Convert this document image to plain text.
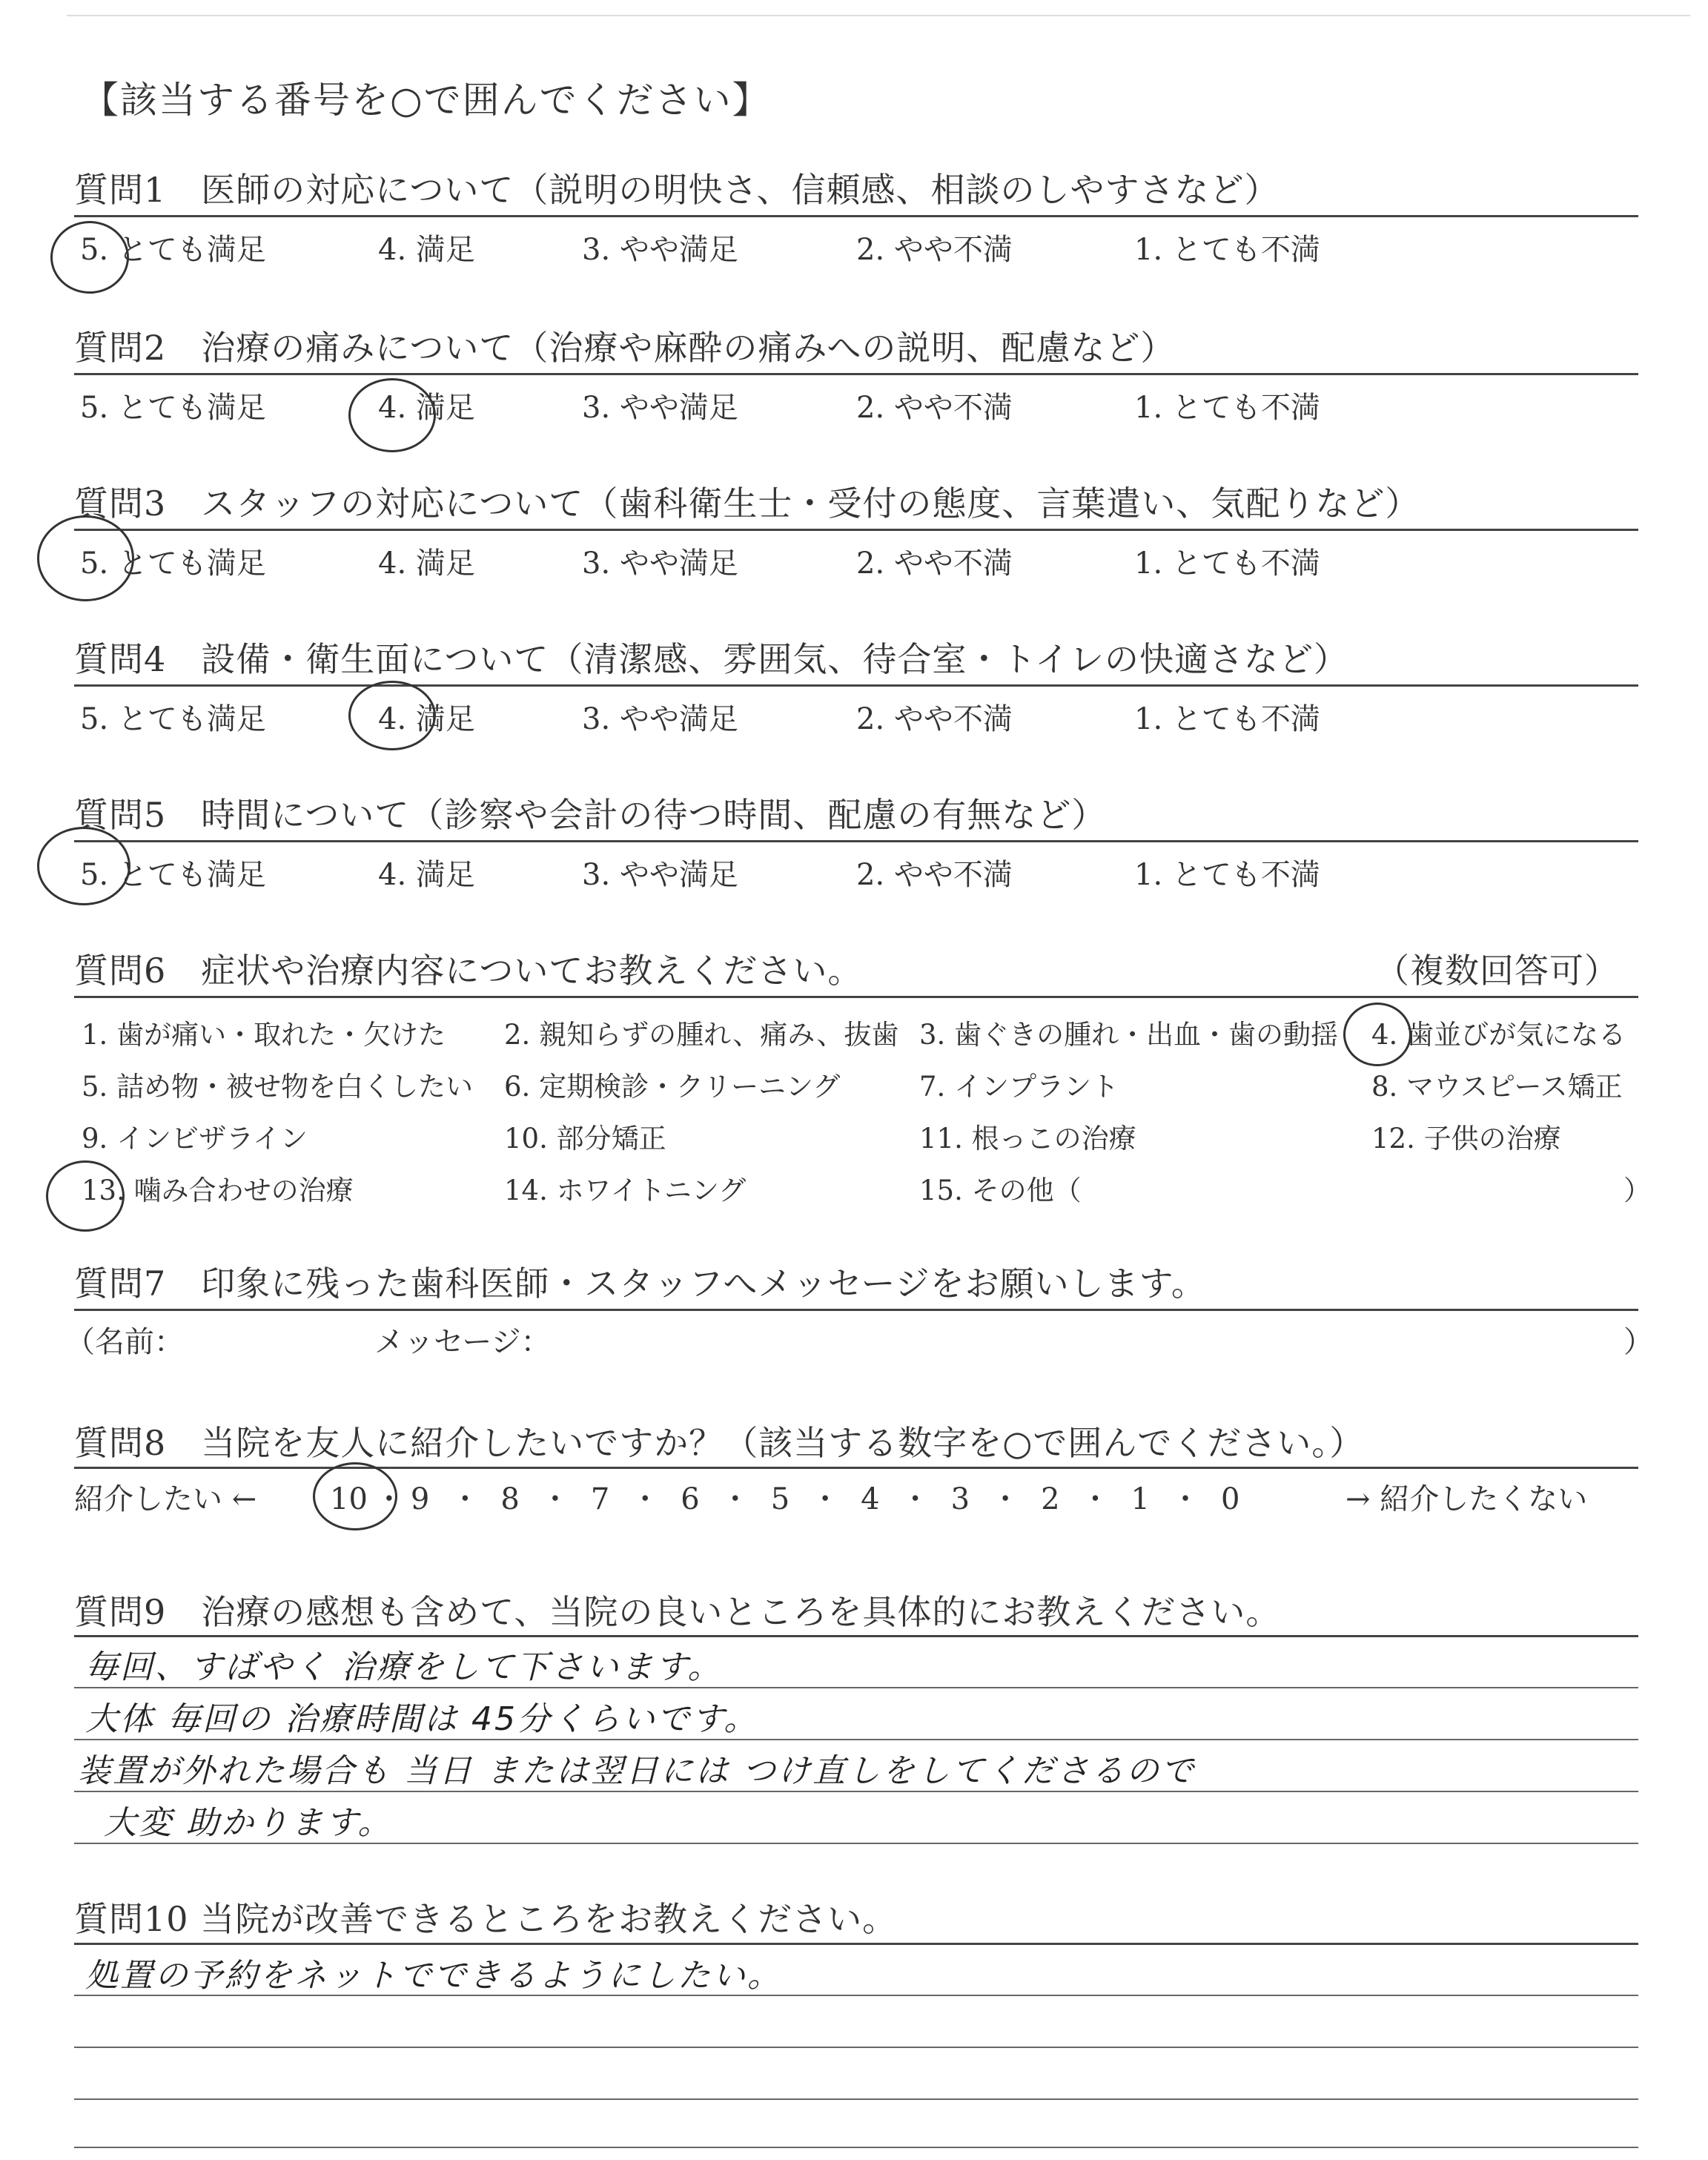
【該当する番号を○で囲んでください】
質問1　医師の対応について（説明の明快さ、信頼感、相談のしやすさなど）
5. とても満足	4. 満足	3. やや満足	2. やや不満	1. とても不満
質問2　治療の痛みについて（治療や麻酔の痛みへの説明、配慮など）
5. とても満足	4. 満足	3. やや満足	2. やや不満	1. とても不満
質問3　スタッフの対応について（歯科衛生士・受付の態度、言葉遣い、気配りなど）
5. とても満足	4. 満足	3. やや満足	2. やや不満	1. とても不満
質問4　設備・衛生面について（清潔感、雰囲気、待合室・トイレの快適さなど）
5. とても満足	4. 満足	3. やや満足	2. やや不満	1. とても不満
質問5　時間について（診察や会計の待つ時間、配慮の有無など）
5. とても満足	4. 満足	3. やや満足	2. やや不満	1. とても不満
質問6　症状や治療内容についてお教えください。	（複数回答可）
1. 歯が痛い・取れた・欠けた 2. 親知らずの腫れ、痛み、抜歯 3. 歯ぐきの腫れ・出血・歯の動揺 4. 歯並びが気になる
5. 詰め物・被せ物を白くしたい 6. 定期検診・クリーニング	7. インプラント	8. マウスピース矯正
9. インビザライン	10. 部分矯正	11. 根っこの治療	12. 子供の治療
13. 噛み合わせの治療	14. ホワイトニング	15. その他（	）
質問7　印象に残った歯科医師・スタッフへメッセージをお願いします。
（名前：	メッセージ：	）
質問8　当院を友人に紹介したいですか？（該当する数字を○で囲んでください。）
紹介したい ← 10 ・ 9 ・ 8 ・ 7 ・ 6 ・ 5 ・ 4 ・ 3 ・ 2 ・ 1 ・ 0	→ 紹介したくない
質問9　治療の感想も含めて、当院の良いところを具体的にお教えください。
毎回、すばやく 治療をして下さいます。
大体 毎回の 治療時間は 45分くらいです。
装置が外れた場合も 当日 または翌日には つけ直しをしてくださるので
大変 助かります。
質問10 当院が改善できるところをお教えください。
処置の予約をネットでできるようにしたい。
